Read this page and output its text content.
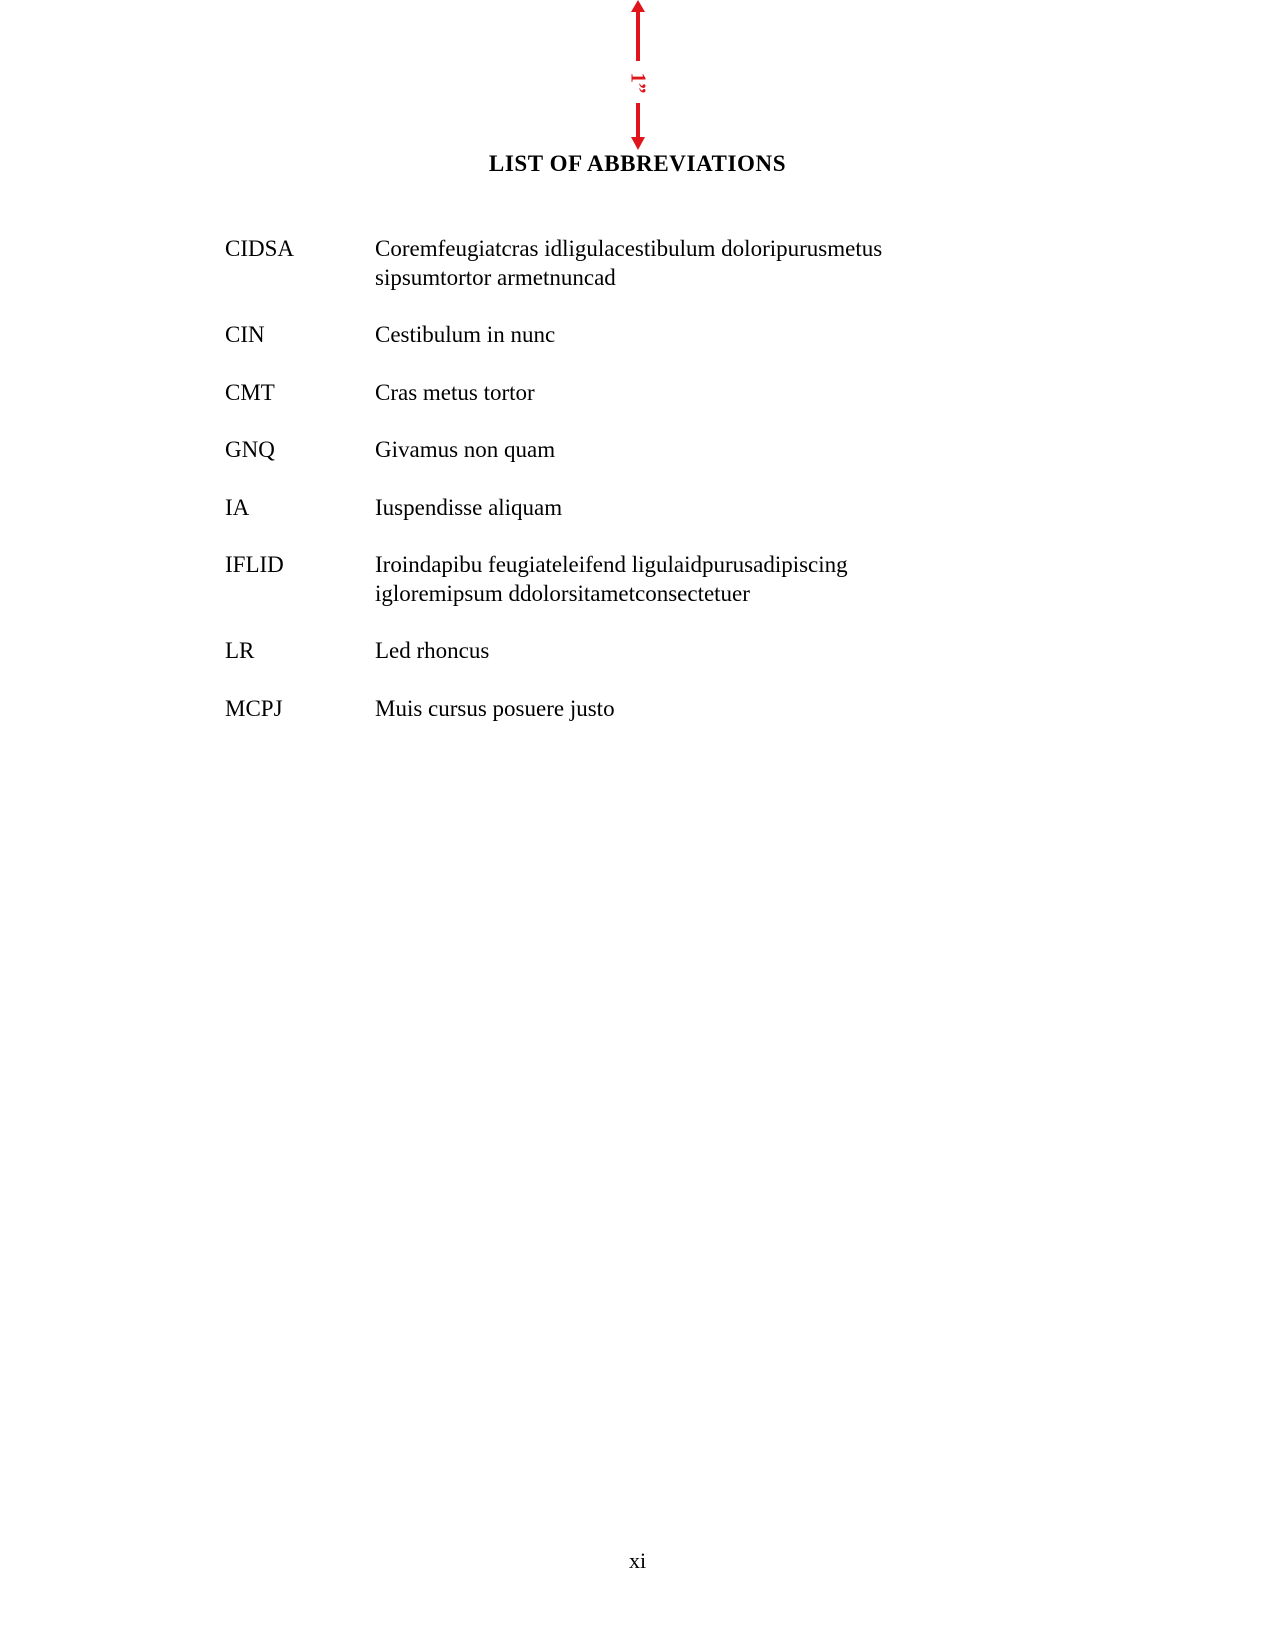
1”
LIST OF ABBREVIATIONS
CIDSA	Coremfeugiatcras idligulacestibulum doloripurusmetus sipsumtortor armetnuncad
CIN	Cestibulum in nunc
CMT	Cras metus tortor
GNQ	Givamus non quam
IA	Iuspendisse aliquam
IFLID	Iroindapibu feugiateleifend ligulaidpurusadipiscing igloremipsum ddolorsitametconsectetuer
LR	Led rhoncus
MCPJ	Muis cursus posuere justo
xi
